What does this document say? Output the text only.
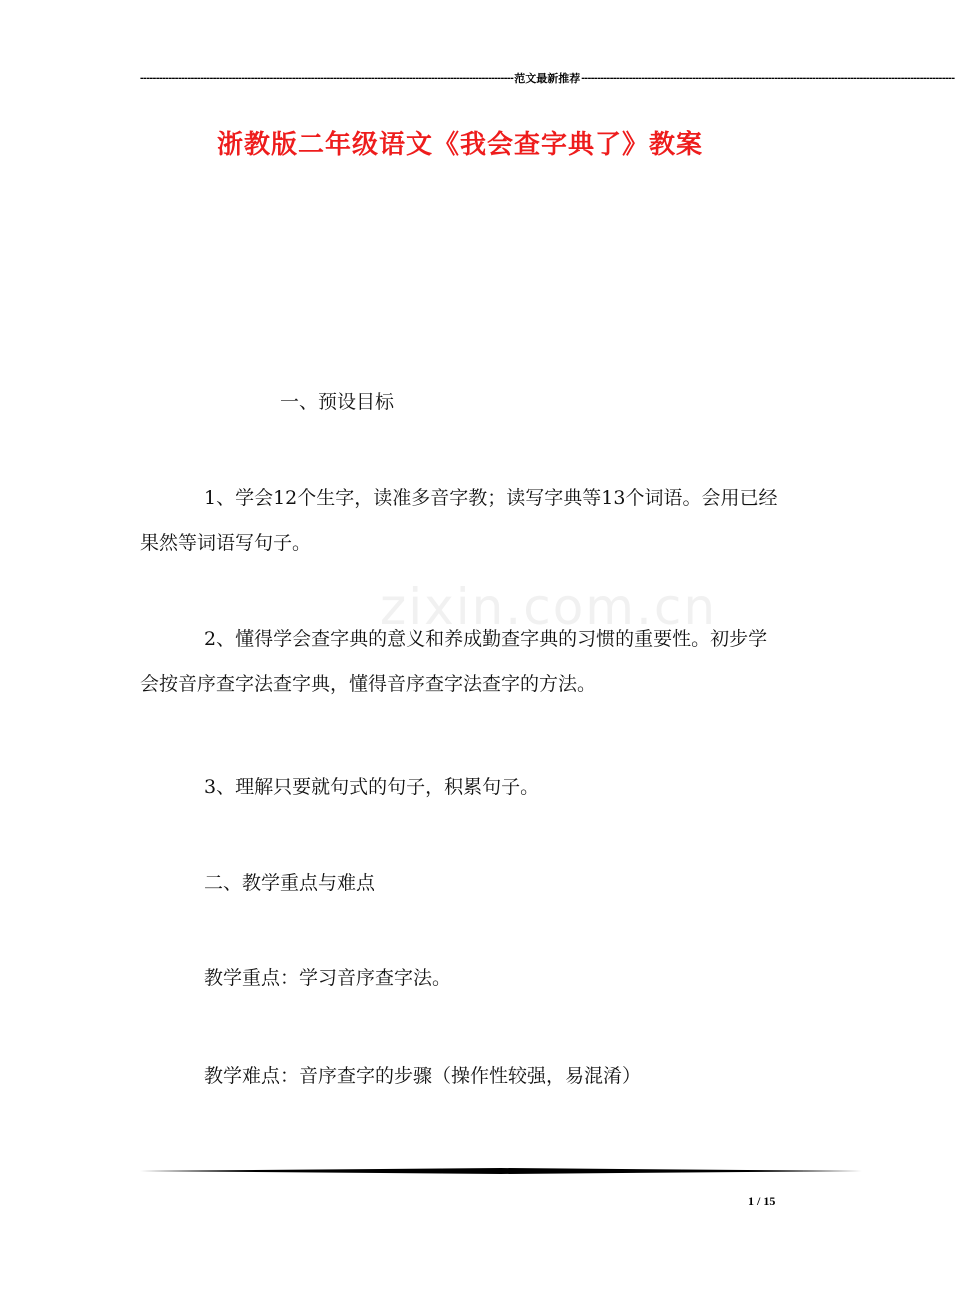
---------------------------------------------------------------------------------------------------------------------- 范文最新推荐 ----------------------------------------------------------------------------------------------------------------------
浙教版二年级语文《我会查字典了》教案
zixin.com.cn
一、预设目标
1、学会12个生字，读准多音字教；读写字典等13个词语。会用已经果然等词语写句子。
2、懂得学会查字典的意义和养成勤查字典的习惯的重要性。初步学会按音序查字法查字典，懂得音序查字法查字的方法。
3、理解只要就句式的句子，积累句子。
二、教学重点与难点
教学重点：学习音序查字法。
教学难点：音序查字的步骤（操作性较强，易混淆）
1 / 15
